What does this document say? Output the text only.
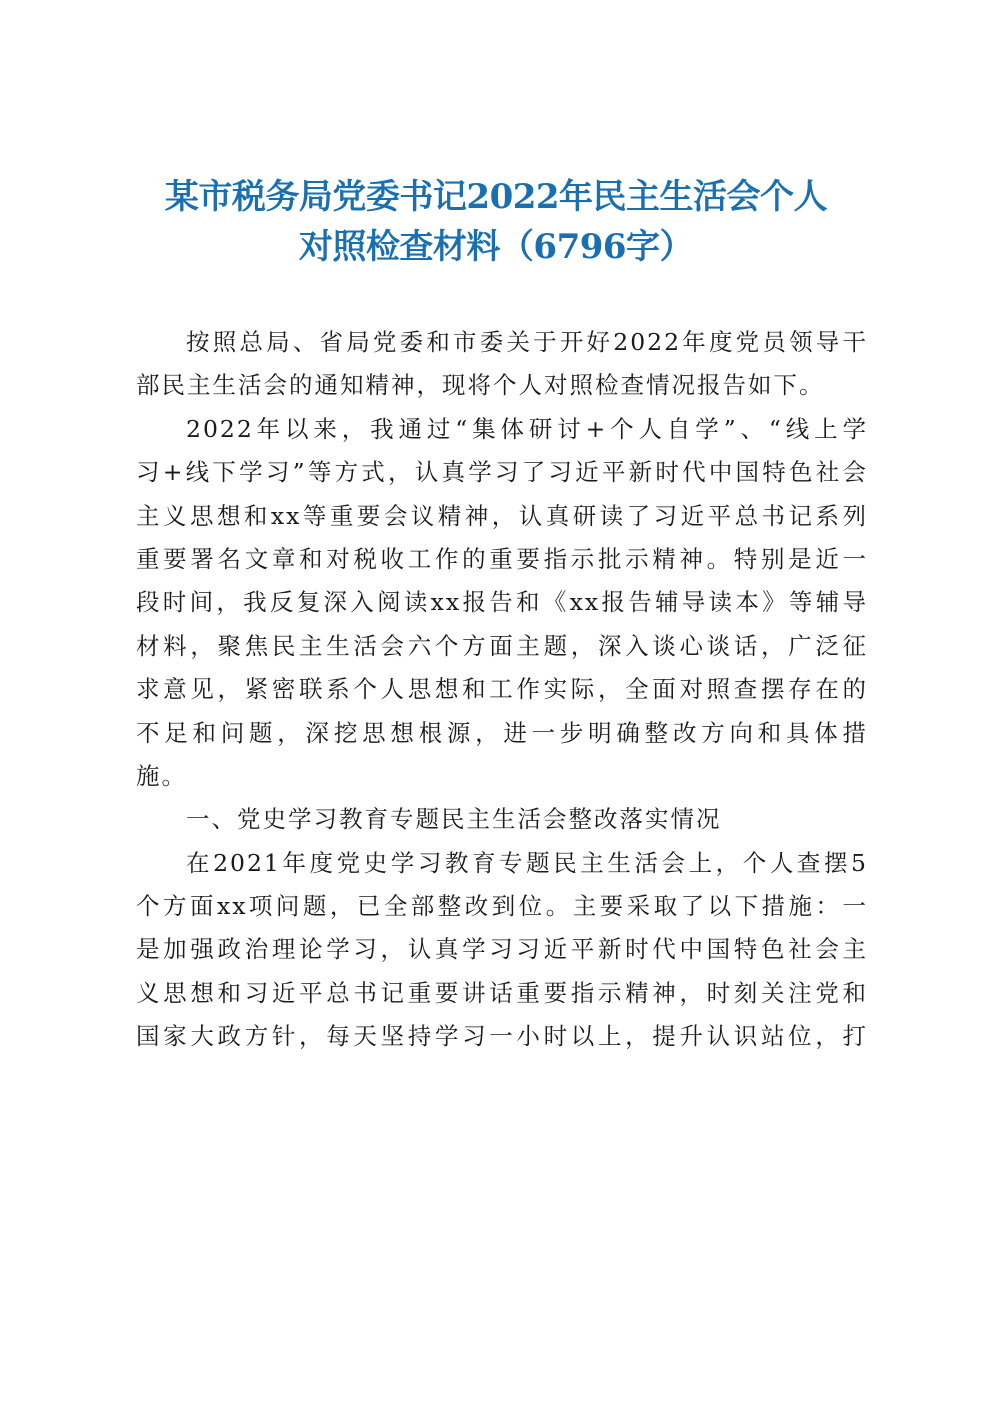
某市税务局党委书记2022年民主生活会个人
对照检查材料（6796字）
按照总局、省局党委和市委关于开好2022年度党员领导干
部民主生活会的通知精神，现将个人对照检查情况报告如下。
2022年以来，我通过“集体研讨+个人自学”、“线上学
习+线下学习”等方式，认真学习了习近平新时代中国特色社会
主义思想和xx等重要会议精神，认真研读了习近平总书记系列
重要署名文章和对税收工作的重要指示批示精神。特别是近一
段时间，我反复深入阅读xx报告和《xx报告辅导读本》等辅导
材料，聚焦民主生活会六个方面主题，深入谈心谈话，广泛征
求意见，紧密联系个人思想和工作实际，全面对照查摆存在的
不足和问题，深挖思想根源，进一步明确整改方向和具体措
施。
一、党史学习教育专题民主生活会整改落实情况
在2021年度党史学习教育专题民主生活会上，个人查摆5
个方面xx项问题，已全部整改到位。主要采取了以下措施：一
是加强政治理论学习，认真学习习近平新时代中国特色社会主
义思想和习近平总书记重要讲话重要指示精神，时刻关注党和
国家大政方针，每天坚持学习一小时以上，提升认识站位，打
